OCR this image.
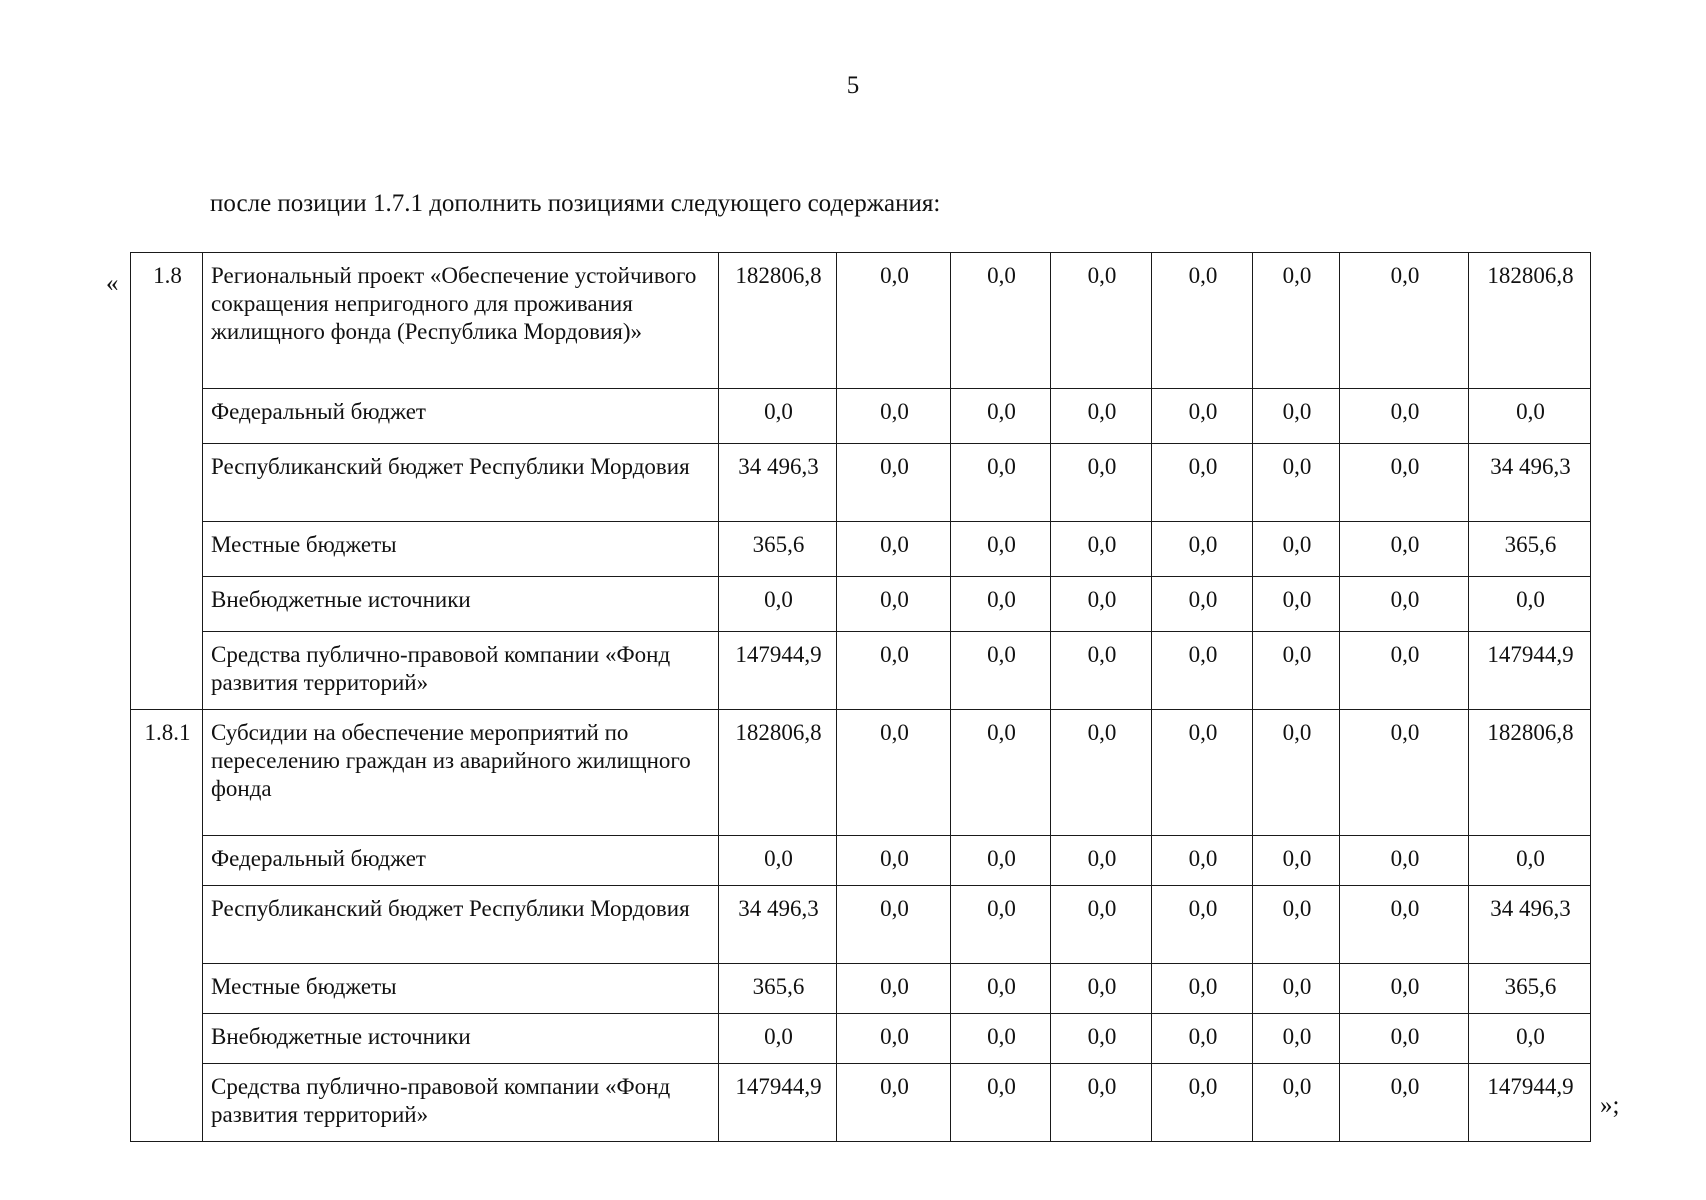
5
после позиции 1.7.1 дополнить позициями следующего содержания:
«
»;
1.8	Региональный проект «Обеспечение устойчивого сокращения непригодного для проживания жилищного фонда (Республика Мордовия)»	182806,8	0,0	0,0	0,0	0,0	0,0	0,0	182806,8
	Федеральный бюджет	0,0	0,0	0,0	0,0	0,0	0,0	0,0	0,0
	Республиканский бюджет Республики Мордовия	34 496,3	0,0	0,0	0,0	0,0	0,0	0,0	34 496,3
	Местные бюджеты	365,6	0,0	0,0	0,0	0,0	0,0	0,0	365,6
	Внебюджетные источники	0,0	0,0	0,0	0,0	0,0	0,0	0,0	0,0
	Средства публично-правовой компании «Фонд развития территорий»	147944,9	0,0	0,0	0,0	0,0	0,0	0,0	147944,9
1.8.1	Субсидии на обеспечение мероприятий по переселению граждан из аварийного жилищного фонда	182806,8	0,0	0,0	0,0	0,0	0,0	0,0	182806,8
	Федеральный бюджет	0,0	0,0	0,0	0,0	0,0	0,0	0,0	0,0
	Республиканский бюджет Республики Мордовия	34 496,3	0,0	0,0	0,0	0,0	0,0	0,0	34 496,3
	Местные бюджеты	365,6	0,0	0,0	0,0	0,0	0,0	0,0	365,6
	Внебюджетные источники	0,0	0,0	0,0	0,0	0,0	0,0	0,0	0,0
	Средства публично-правовой компании «Фонд развития территорий»	147944,9	0,0	0,0	0,0	0,0	0,0	0,0	147944,9
